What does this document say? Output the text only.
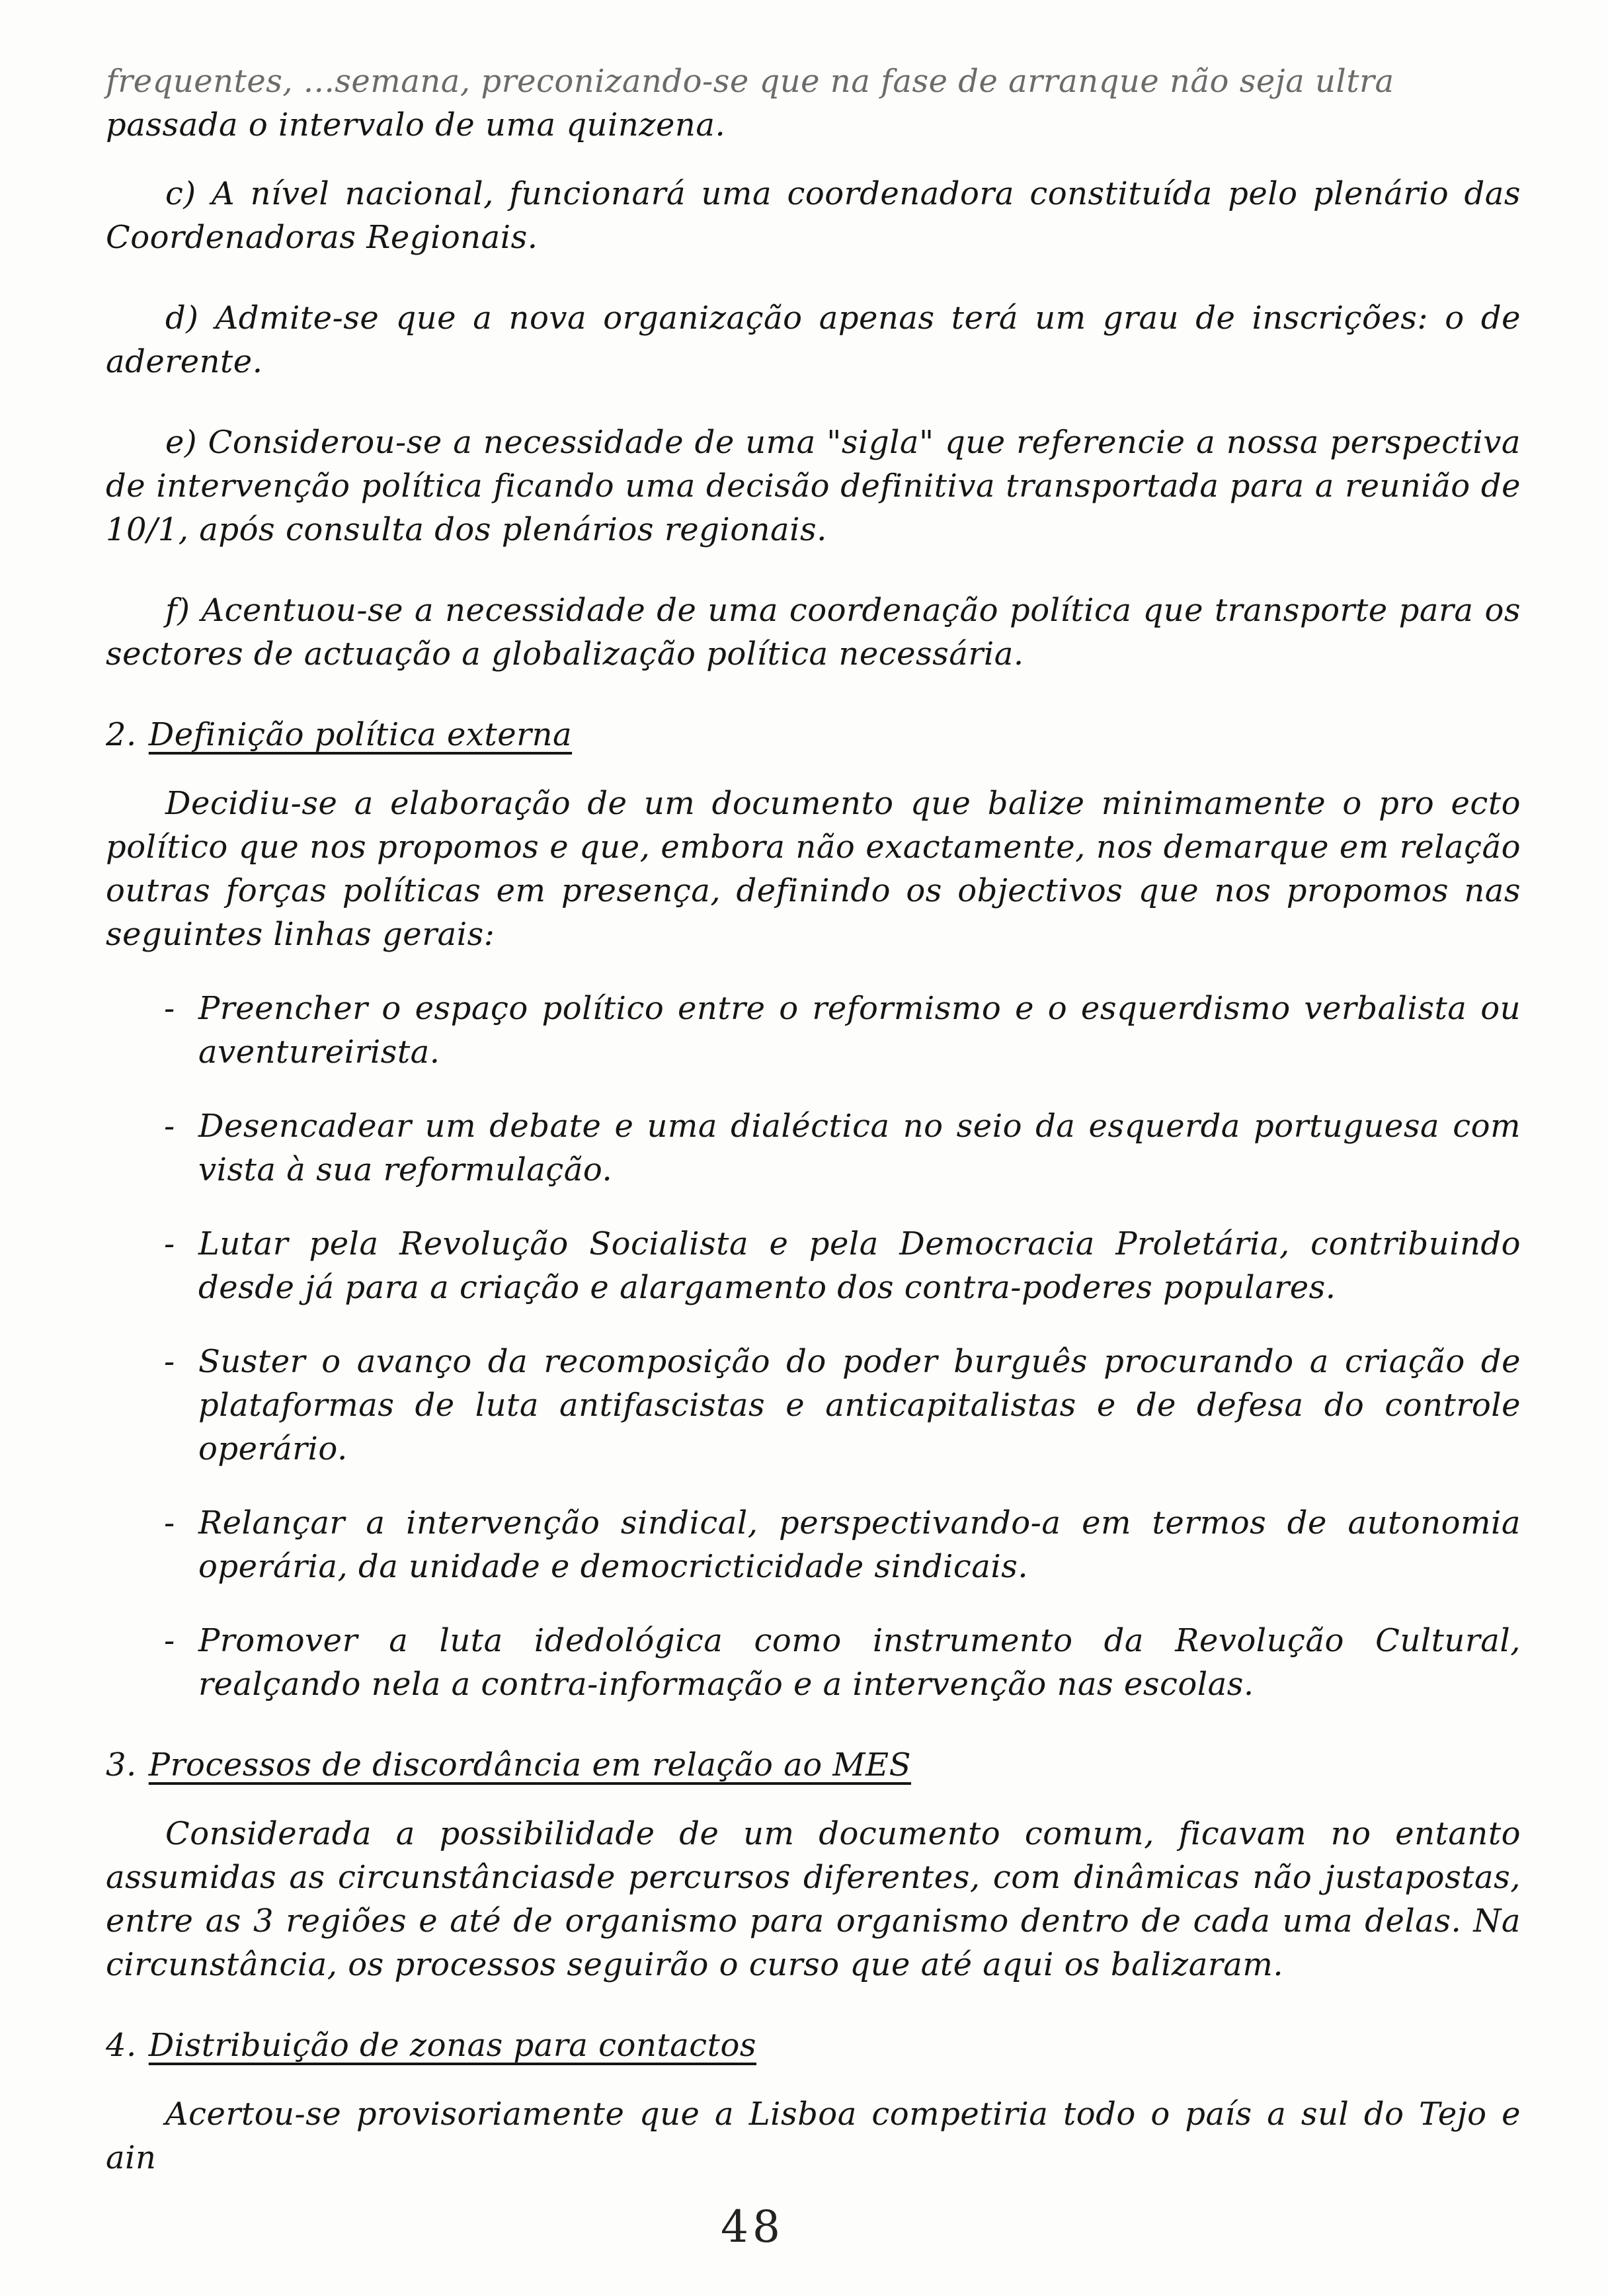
frequentes, ...semana, preconizando-se que na fase de arranque não seja ultra

passada o intervalo de uma quinzena.

c) A nível nacional, funcionará uma coordenadora constituída pelo plenário das Coordenadoras Regionais.

d) Admite-se que a nova organização apenas terá um grau de inscrições: o de aderente.

e) Considerou-se a necessidade de uma "sigla" que referencie a nossa perspectiva de intervenção política ficando uma decisão definitiva transportada para a reunião de 10/1, após consulta dos plenários regionais.

f) Acentuou-se a necessidade de uma coordenação política que transporte para os sectores de actuação a globalização política necessária.

2. Definição política externa

Decidiu-se a elaboração de um documento que balize minimamente o pro ecto político que nos propomos e que, embora não exactamente, nos demarque em relação outras forças políticas em presença, definindo os objectivos que nos propomos nas seguintes linhas gerais:

- Preencher o espaço político entre o reformismo e o esquerdismo verbalista ou aventureirista.
- Desencadear um debate e uma dialéctica no seio da esquerda portuguesa com vista à sua reformulação.
- Lutar pela Revolução Socialista e pela Democracia Proletária, contribuindo desde já para a criação e alargamento dos contra-poderes populares.
- Suster o avanço da recomposição do poder burguês procurando a criação de plataformas de luta antifascistas e anticapitalistas e de defesa do controle operário.
- Relançar a intervenção sindical, perspectivando-a em termos de autonomia operária, da unidade e democricticidade sindicais.
- Promover a luta idedológica como instrumento da Revolução Cultural, realçando nela a contra-informação e a intervenção nas escolas.

3. Processos de discordância em relação ao MES

Considerada a possibilidade de um documento comum, ficavam no entanto assumidas as circunstânciasde percursos diferentes, com dinâmicas não justapostas, entre as 3 regiões e até de organismo para organismo dentro de cada uma delas. Na circunstância, os processos seguirão o curso que até aqui os balizaram.

4. Distribuição de zonas para contactos

Acertou-se provisoriamente que a Lisboa competiria todo o país a sul do Tejo e ain

48
